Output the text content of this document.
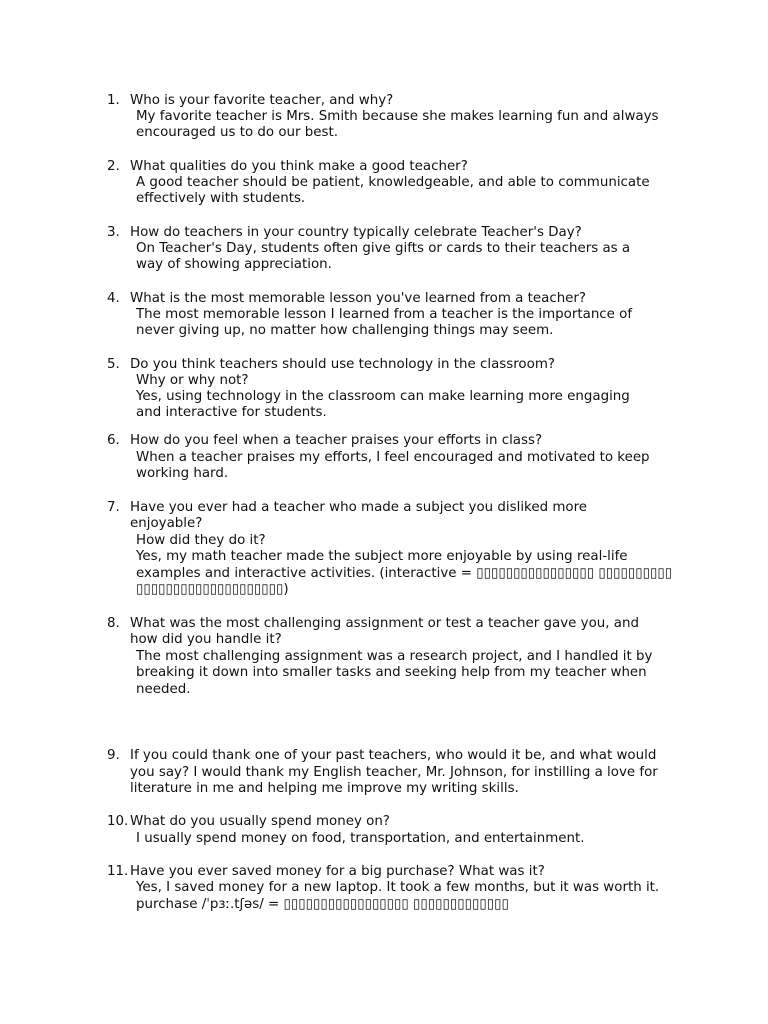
1. Who is your favorite teacher, and why?
My favorite teacher is Mrs. Smith because she makes learning fun and always
encouraged us to do our best.
2. What qualities do you think make a good teacher?
A good teacher should be patient, knowledgeable, and able to communicate
effectively with students.
3. How do teachers in your country typically celebrate Teacher's Day?
On Teacher's Day, students often give gifts or cards to their teachers as a
way of showing appreciation.
4. What is the most memorable lesson you've learned from a teacher?
The most memorable lesson I learned from a teacher is the importance of
never giving up, no matter how challenging things may seem.
5. Do you think teachers should use technology in the classroom?
Why or why not?
Yes, using technology in the classroom can make learning more engaging
and interactive for students.
6. How do you feel when a teacher praises your efforts in class?
When a teacher praises my efforts, I feel encouraged and motivated to keep
working hard.
7. Have you ever had a teacher who made a subject you disliked more
enjoyable?
How did they do it?
Yes, my math teacher made the subject more enjoyable by using real-life
examples and interactive activities. (interactive = ▯▯▯▯▯▯▯▯▯▯▯▯▯▯▯▯ ▯▯▯▯▯▯▯▯▯▯
▯▯▯▯▯▯▯▯▯▯▯▯▯▯▯▯▯▯▯▯)
8. What was the most challenging assignment or test a teacher gave you, and
how did you handle it?
The most challenging assignment was a research project, and I handled it by
breaking it down into smaller tasks and seeking help from my teacher when
needed.
9. If you could thank one of your past teachers, who would it be, and what would
you say? I would thank my English teacher, Mr. Johnson, for instilling a love for
literature in me and helping me improve my writing skills.
10. What do you usually spend money on?
I usually spend money on food, transportation, and entertainment.
11. Have you ever saved money for a big purchase? What was it?
Yes, I saved money for a new laptop. It took a few months, but it was worth it.
purchase /ˈpɜː.tʃəs/ = ▯▯▯▯▯▯▯▯▯▯▯▯▯▯▯▯▯ ▯▯▯▯▯▯▯▯▯▯▯▯▯
